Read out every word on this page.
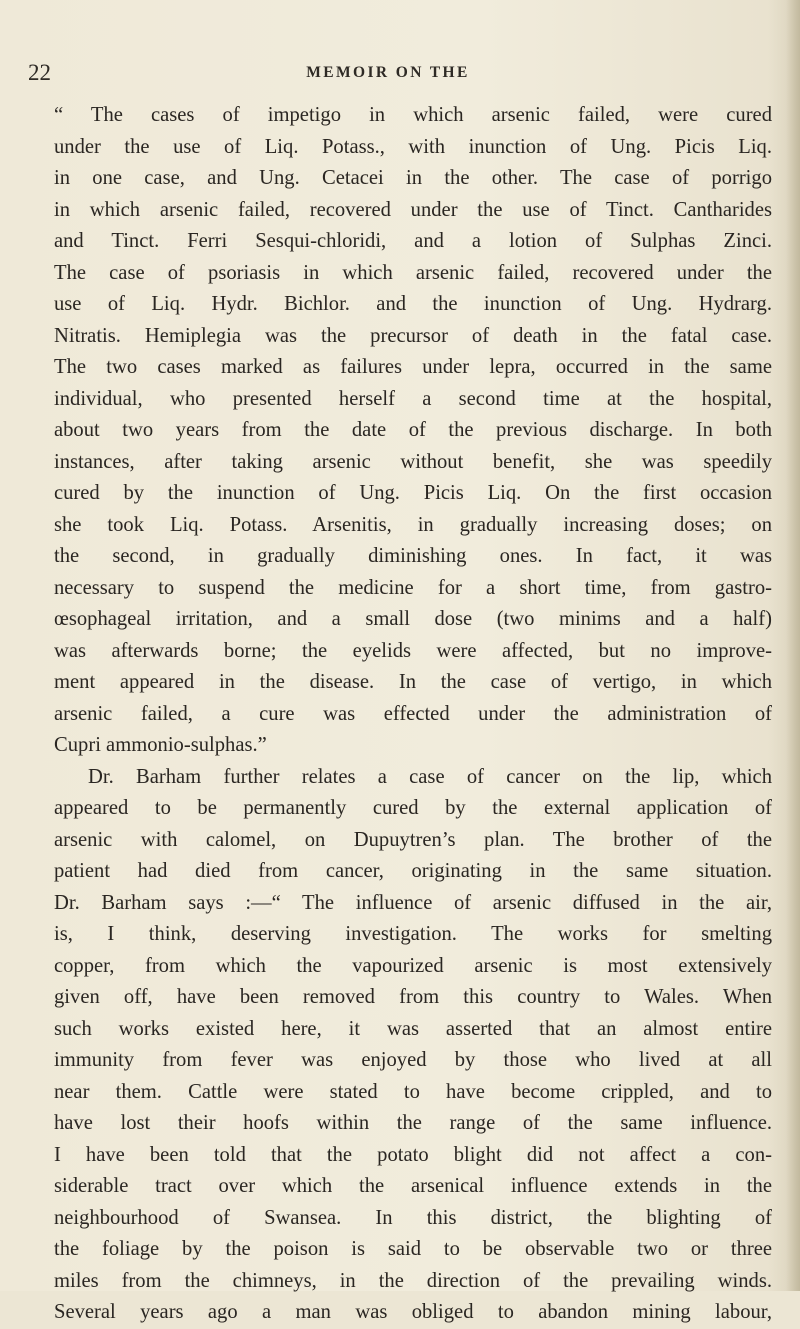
22	MEMOIR ON THE
“ The cases of impetigo in which arsenic failed, were cured
under the use of Liq. Potass., with inunction of Ung. Picis Liq.
in one case, and Ung. Cetacei in the other. The case of porrigo
in which arsenic failed, recovered under the use of Tinct. Cantharides
and Tinct. Ferri Sesqui-chloridi, and a lotion of Sulphas Zinci.
The case of psoriasis in which arsenic failed, recovered under the
use of Liq. Hydr. Bichlor. and the inunction of Ung. Hydrarg.
Nitratis. Hemiplegia was the precursor of death in the fatal case.
The two cases marked as failures under lepra, occurred in the same
individual, who presented herself a second time at the hospital,
about two years from the date of the previous discharge. In both
instances, after taking arsenic without benefit, she was speedily
cured by the inunction of Ung. Picis Liq. On the first occasion
she took Liq. Potass. Arsenitis, in gradually increasing doses; on
the second, in gradually diminishing ones. In fact, it was
necessary to suspend the medicine for a short time, from gastro-
œsophageal irritation, and a small dose (two minims and a half)
was afterwards borne; the eyelids were affected, but no improve-
ment appeared in the disease. In the case of vertigo, in which
arsenic failed, a cure was effected under the administration of
Cupri ammonio-sulphas.”
Dr. Barham further relates a case of cancer on the lip, which
appeared to be permanently cured by the external application of
arsenic with calomel, on Dupuytren’s plan. The brother of the
patient had died from cancer, originating in the same situation.
Dr. Barham says :—“ The influence of arsenic diffused in the air,
is, I think, deserving investigation. The works for smelting
copper, from which the vapourized arsenic is most extensively
given off, have been removed from this country to Wales. When
such works existed here, it was asserted that an almost entire
immunity from fever was enjoyed by those who lived at all
near them. Cattle were stated to have become crippled, and to
have lost their hoofs within the range of the same influence.
I have been told that the potato blight did not affect a con-
siderable tract over which the arsenical influence extends in the
neighbourhood of Swansea. In this district, the blighting of
the foliage by the poison is said to be observable two or three
miles from the chimneys, in the direction of the prevailing winds.
Several years ago a man was obliged to abandon mining labour,
